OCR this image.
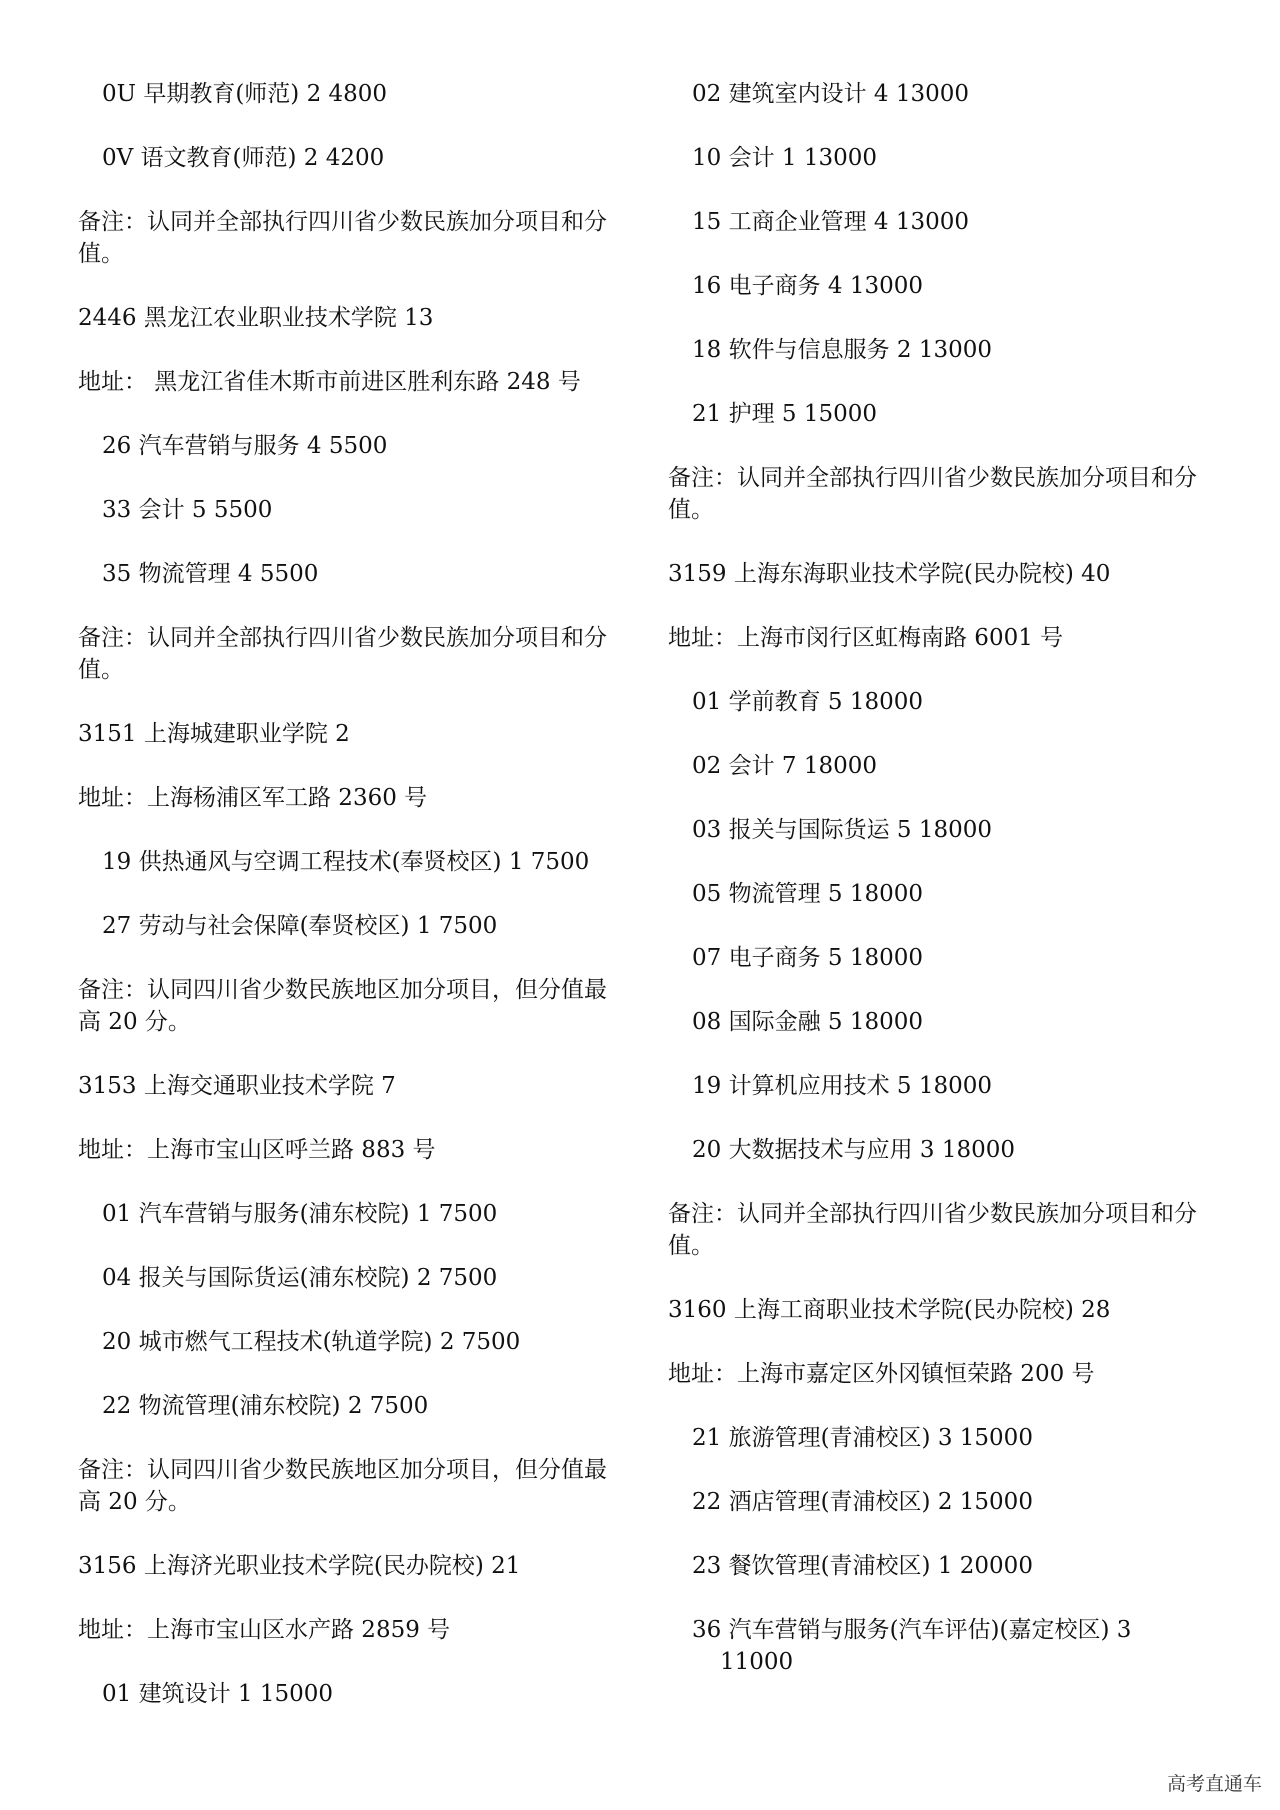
0U 早期教育(师范) 2 4800
0V 语文教育(师范) 2 4200
备注：认同并全部执行四川省少数民族加分项目和分
值。
2446 黑龙江农业职业技术学院 13
地址： 黑龙江省佳木斯市前进区胜利东路 248 号
26 汽车营销与服务 4 5500
33 会计 5 5500
35 物流管理 4 5500
备注：认同并全部执行四川省少数民族加分项目和分
值。
3151 上海城建职业学院 2
地址：上海杨浦区军工路 2360 号
19 供热通风与空调工程技术(奉贤校区) 1 7500
27 劳动与社会保障(奉贤校区) 1 7500
备注：认同四川省少数民族地区加分项目，但分值最
高 20 分。
3153 上海交通职业技术学院 7
地址：上海市宝山区呼兰路 883 号
01 汽车营销与服务(浦东校院) 1 7500
04 报关与国际货运(浦东校院) 2 7500
20 城市燃气工程技术(轨道学院) 2 7500
22 物流管理(浦东校院) 2 7500
备注：认同四川省少数民族地区加分项目，但分值最
高 20 分。
3156 上海济光职业技术学院(民办院校) 21
地址：上海市宝山区水产路 2859 号
01 建筑设计 1 15000
02 建筑室内设计 4 13000
10 会计 1 13000
15 工商企业管理 4 13000
16 电子商务 4 13000
18 软件与信息服务 2 13000
21 护理 5 15000
备注：认同并全部执行四川省少数民族加分项目和分
值。
3159 上海东海职业技术学院(民办院校) 40
地址：上海市闵行区虹梅南路 6001 号
01 学前教育 5 18000
02 会计 7 18000
03 报关与国际货运 5 18000
05 物流管理 5 18000
07 电子商务 5 18000
08 国际金融 5 18000
19 计算机应用技术 5 18000
20 大数据技术与应用 3 18000
备注：认同并全部执行四川省少数民族加分项目和分
值。
3160 上海工商职业技术学院(民办院校) 28
地址：上海市嘉定区外冈镇恒荣路 200 号
21 旅游管理(青浦校区) 3 15000
22 酒店管理(青浦校区) 2 15000
23 餐饮管理(青浦校区) 1 20000
36 汽车营销与服务(汽车评估)(嘉定校区) 3
11000
高考直通车
